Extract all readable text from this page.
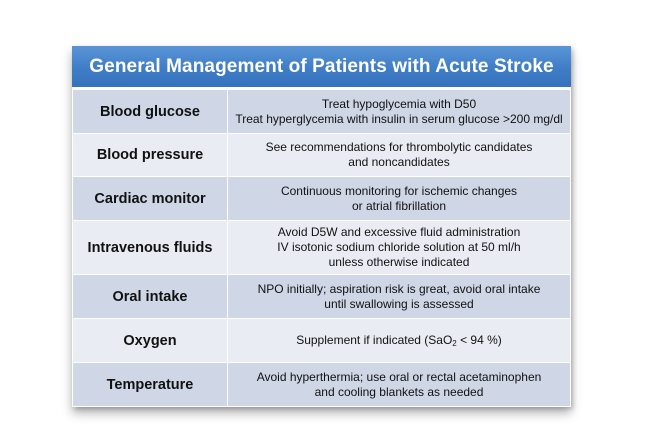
General Management of Patients with Acute Stroke
Blood glucose	Treat hypoglycemia with D50
Treat hyperglycemia with insulin in serum glucose >200 mg/dl

Blood pressure	See recommendations for thrombolytic candidates
and noncandidates

Cardiac monitor	Continuous monitoring for ischemic changes
or atrial fibrillation

Intravenous fluids	Avoid D5W and excessive fluid administration
IV isotonic sodium chloride solution at 50 ml/h
unless otherwise indicated

Oral intake	NPO initially; aspiration risk is great, avoid oral intake
until swallowing is assessed

Oxygen	Supplement if indicated (SaO$_2$ < 94 %)

Temperature	Avoid hyperthermia; use oral or rectal acetaminophen
and cooling blankets as needed
